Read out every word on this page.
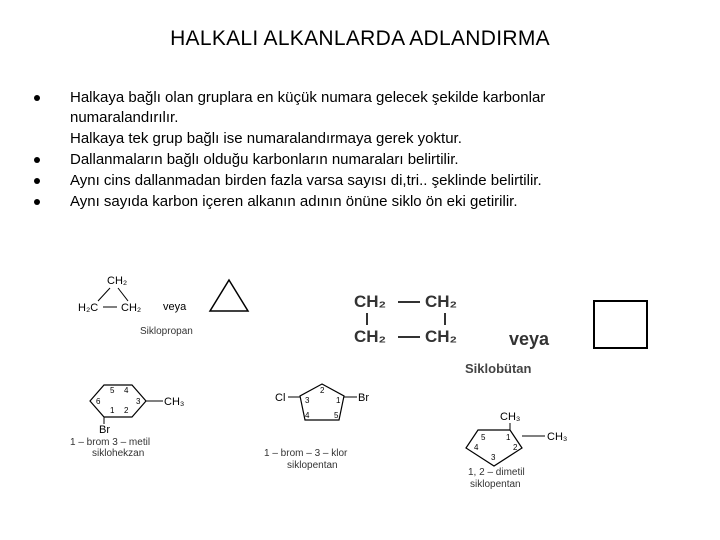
HALKALI ALKANLARDA ADLANDIRMA
Halkaya bağlı olan gruplara en küçük numara gelecek şekilde karbonlar
numaralandırılır.
Halkaya tek grup bağlı ise numaralandırmaya gerek yoktur.
Dallanmaların bağlı olduğu karbonların numaraları belirtilir.
Aynı cins dallanmadan birden fazla varsa sayısı di,tri.. şeklinde belirtilir.
Aynı sayıda karbon içeren alkanın adının önüne siklo ön eki getirilir.
CH₂
H₂C CH₂ veya	CH₂ CH₂
CH₂ CH₂	veya
5 4
6	3
1 2
CH₃
Br
2
3	1
4	5
Cl	Br
CH₃
1
5
2
4
3
CH₃
Siklopropan
Siklobütan
1 – brom 3 – metil
siklohekzan	1 – brom – 3 – klor
siklopentan
1, 2 – dimetil
siklopentan
